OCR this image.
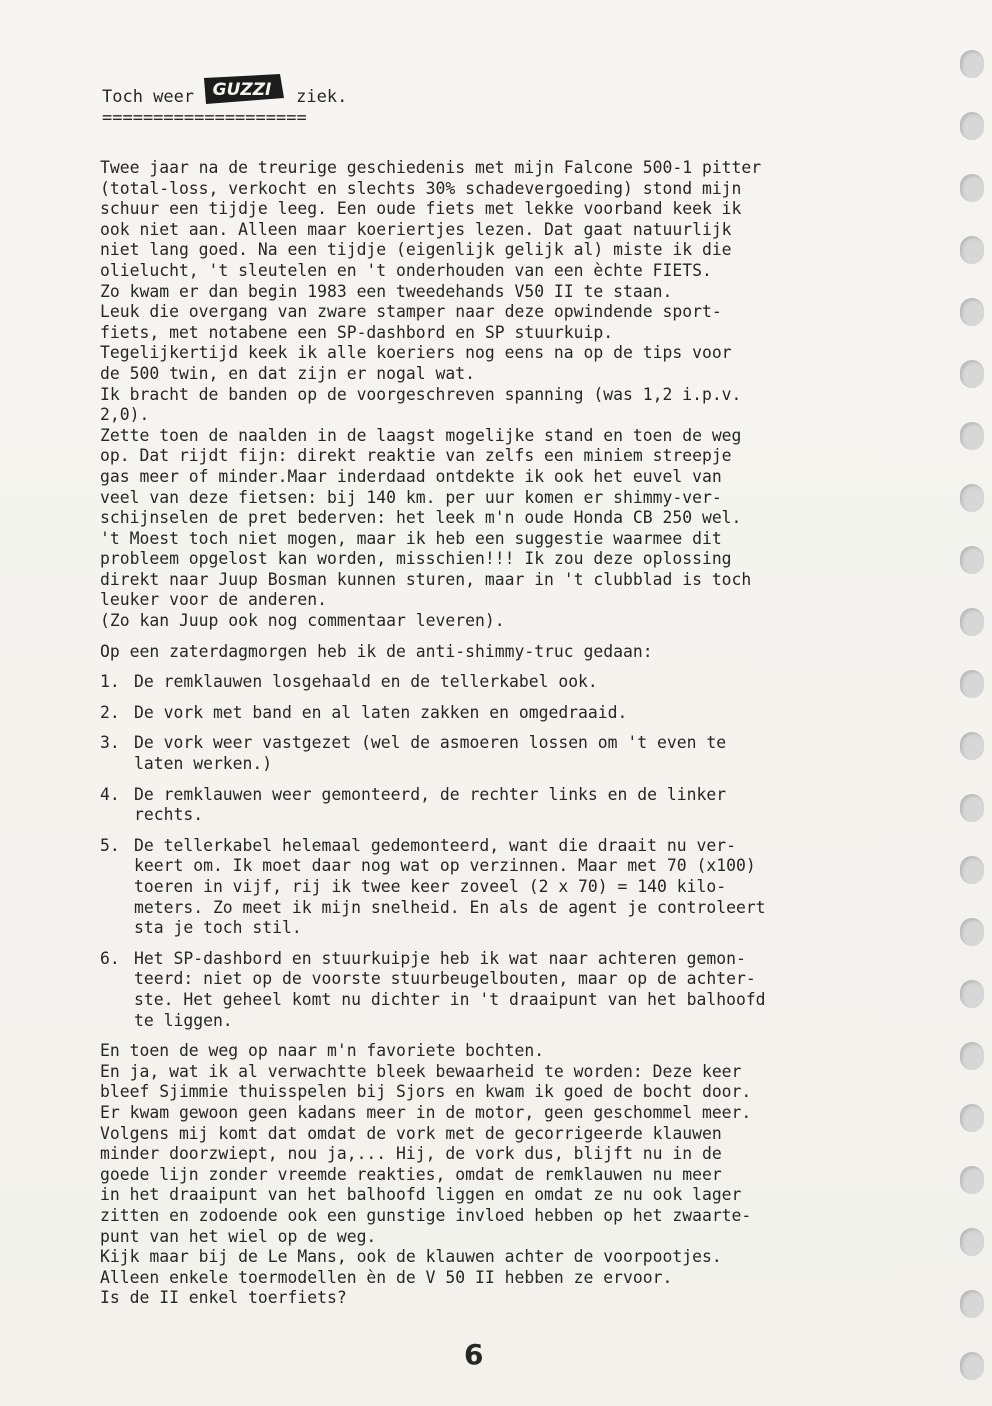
Toch weer GUZZI ziek.
====================
Twee jaar na de treurige geschiedenis met mijn Falcone 500-1 pitter
(total-loss, verkocht en slechts 30% schadevergoeding) stond mijn
schuur een tijdje leeg. Een oude fiets met lekke voorband keek ik
ook niet aan. Alleen maar koeriertjes lezen. Dat gaat natuurlijk
niet lang goed. Na een tijdje (eigenlijk gelijk al) miste ik die
olielucht, 't sleutelen en 't onderhouden van een èchte FIETS.
Zo kwam er dan begin 1983 een tweedehands V50 II te staan.
Leuk die overgang van zware stamper naar deze opwindende sport-
fiets, met notabene een SP-dashbord en SP stuurkuip.
Tegelijkertijd keek ik alle koeriers nog eens na op de tips voor
de 500 twin, en dat zijn er nogal wat.
Ik bracht de banden op de voorgeschreven spanning (was 1,2 i.p.v.
2,0).
Zette toen de naalden in de laagst mogelijke stand en toen de weg
op. Dat rijdt fijn: direkt reaktie van zelfs een miniem streepje
gas meer of minder.Maar inderdaad ontdekte ik ook het euvel van
veel van deze fietsen: bij 140 km. per uur komen er shimmy-ver-
schijnselen de pret bederven: het leek m'n oude Honda CB 250 wel.
't Moest toch niet mogen, maar ik heb een suggestie waarmee dit
probleem opgelost kan worden, misschien!!! Ik zou deze oplossing
direkt naar Juup Bosman kunnen sturen, maar in 't clubblad is toch
leuker voor de anderen.
(Zo kan Juup ook nog commentaar leveren).
Op een zaterdagmorgen heb ik de anti-shimmy-truc gedaan:
1. De remklauwen losgehaald en de tellerkabel ook.
2. De vork met band en al laten zakken en omgedraaid.
3. De vork weer vastgezet (wel de asmoeren lossen om 't even te
laten werken.)
4. De remklauwen weer gemonteerd, de rechter links en de linker
rechts.
5. De tellerkabel helemaal gedemonteerd, want die draait nu ver-
keert om. Ik moet daar nog wat op verzinnen. Maar met 70 (x100)
toeren in vijf, rij ik twee keer zoveel (2 x 70) = 140 kilo-
meters. Zo meet ik mijn snelheid. En als de agent je controleert
sta je toch stil.
6. Het SP-dashbord en stuurkuipje heb ik wat naar achteren gemon-
teerd: niet op de voorste stuurbeugelbouten, maar op de achter-
ste. Het geheel komt nu dichter in 't draaipunt van het balhoofd
te liggen.
En toen de weg op naar m'n favoriete bochten.
En ja, wat ik al verwachtte bleek bewaarheid te worden: Deze keer
bleef Sjimmie thuisspelen bij Sjors en kwam ik goed de bocht door.
Er kwam gewoon geen kadans meer in de motor, geen geschommel meer.
Volgens mij komt dat omdat de vork met de gecorrigeerde klauwen
minder doorzwiept, nou ja,... Hij, de vork dus, blijft nu in de
goede lijn zonder vreemde reakties, omdat de remklauwen nu meer
in het draaipunt van het balhoofd liggen en omdat ze nu ook lager
zitten en zodoende ook een gunstige invloed hebben op het zwaarte-
punt van het wiel op de weg.
Kijk maar bij de Le Mans, ook de klauwen achter de voorpootjes.
Alleen enkele toermodellen èn de V 50 II hebben ze ervoor.
Is de II enkel toerfiets?
6
